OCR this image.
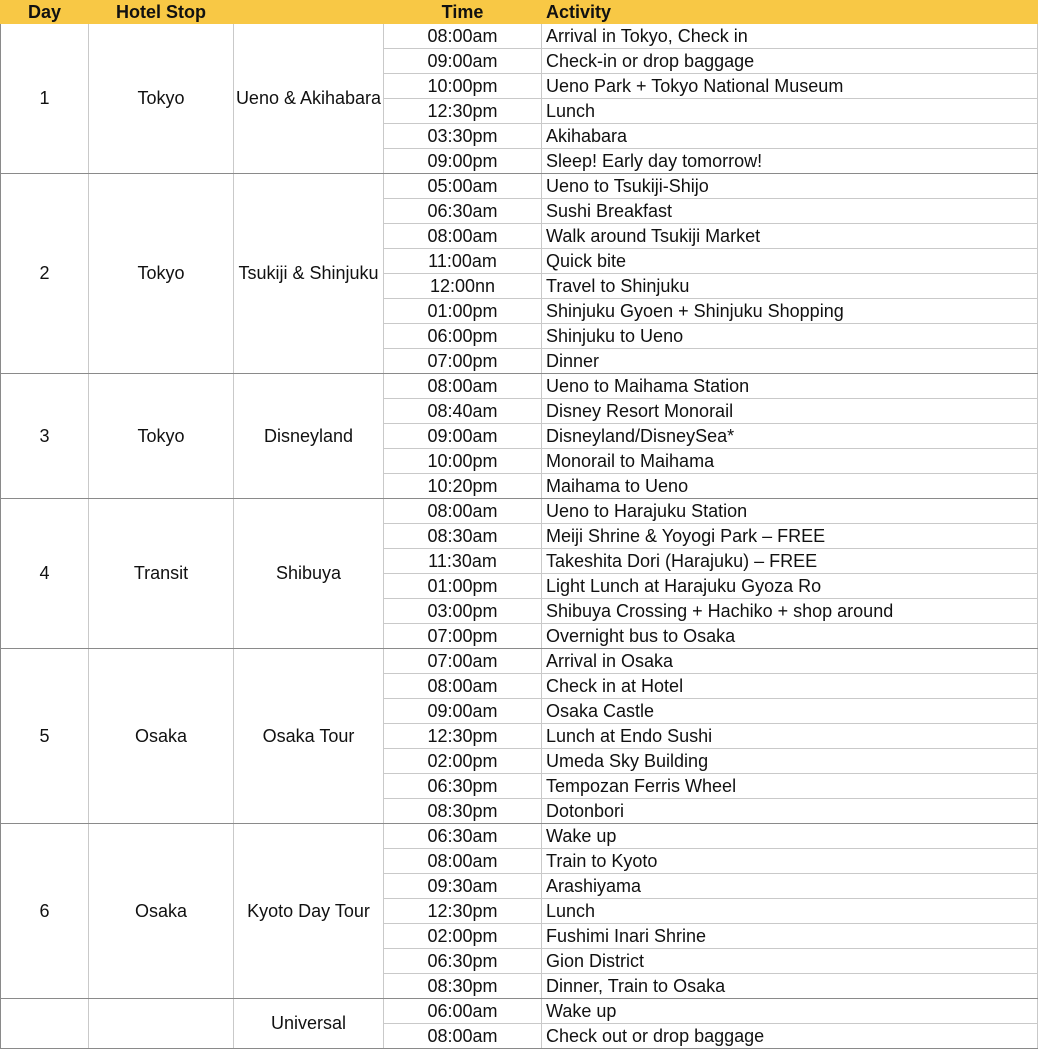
Day	Hotel Stop		Time	Activity
1	Tokyo	Ueno & Akihabara	08:00am	Arrival in Tokyo, Check in
			09:00am	Check-in or drop baggage
			10:00pm	Ueno Park + Tokyo National Museum
			12:30pm	Lunch
			03:30pm	Akihabara
			09:00pm	Sleep! Early day tomorrow!
2	Tokyo	Tsukiji & Shinjuku	05:00am	Ueno to Tsukiji-Shijo
			06:30am	Sushi Breakfast
			08:00am	Walk around Tsukiji Market
			11:00am	Quick bite
			12:00nn	Travel to Shinjuku
			01:00pm	Shinjuku Gyoen + Shinjuku Shopping
			06:00pm	Shinjuku to Ueno
			07:00pm	Dinner
3	Tokyo	Disneyland	08:00am	Ueno to Maihama Station
			08:40am	Disney Resort Monorail
			09:00am	Disneyland/DisneySea*
			10:00pm	Monorail to Maihama
			10:20pm	Maihama to Ueno
4	Transit	Shibuya	08:00am	Ueno to Harajuku Station
			08:30am	Meiji Shrine & Yoyogi Park – FREE
			11:30am	Takeshita Dori (Harajuku) – FREE
			01:00pm	Light Lunch at Harajuku Gyoza Ro
			03:00pm	Shibuya Crossing + Hachiko + shop around
			07:00pm	Overnight bus to Osaka
5	Osaka	Osaka Tour	07:00am	Arrival in Osaka
			08:00am	Check in at Hotel
			09:00am	Osaka Castle
			12:30pm	Lunch at Endo Sushi
			02:00pm	Umeda Sky Building
			06:30pm	Tempozan Ferris Wheel
			08:30pm	Dotonbori
6	Osaka	Kyoto Day Tour	06:30am	Wake up
			08:00am	Train to Kyoto
			09:30am	Arashiyama
			12:30pm	Lunch
			02:00pm	Fushimi Inari Shrine
			06:30pm	Gion District
			08:30pm	Dinner, Train to Osaka
		Universal	06:00am	Wake up
			08:00am	Check out or drop baggage
